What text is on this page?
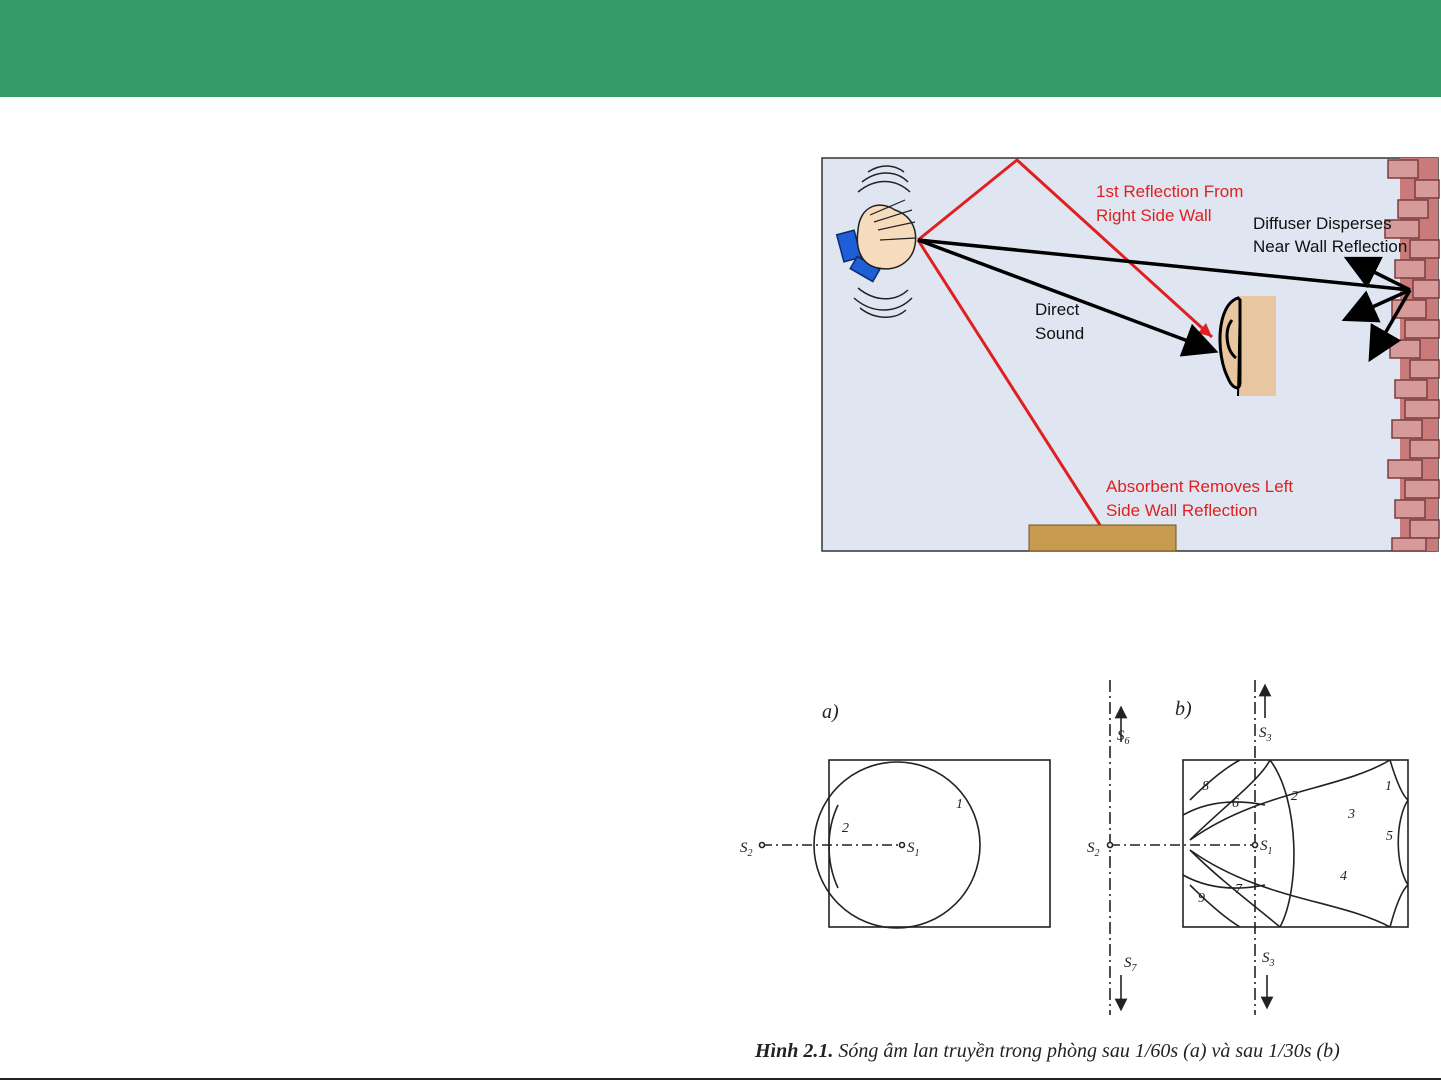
1st Reflection From
Right Side Wall Diffuser Disperses
Near Wall Reflection
Direct
Sound
Absorbent Removes Left
Side Wall Reflection
a)
1
2
$S_2$	$S_1$
$S_6$
$S_7$
b)
1
2
3
4
5
6
7
8
9
$S_2$	$S_1$
$S_3$
$S_3$
Hình 2.1. Sóng âm lan truyền trong phòng sau 1/60s (a) và sau 1/30s (b)
